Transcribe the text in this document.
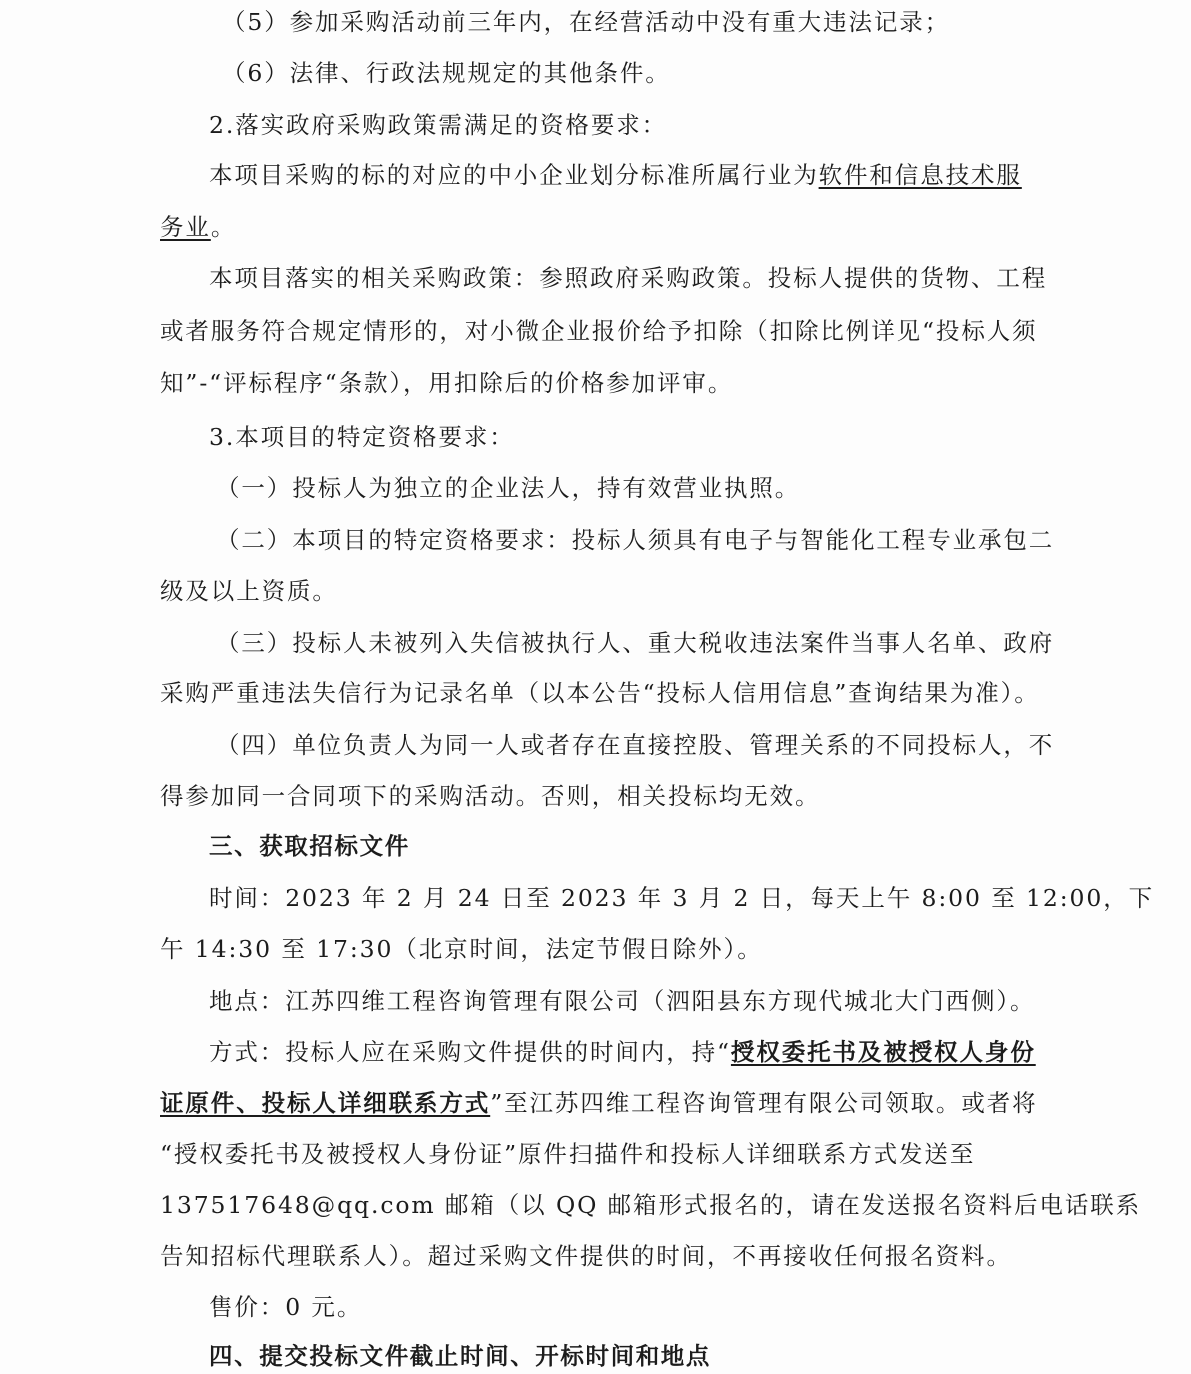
（5）参加采购活动前三年内，在经营活动中没有重大违法记录；

（6）法律、行政法规规定的其他条件。

2.落实政府采购政策需满足的资格要求：

本项目采购的标的对应的中小企业划分标准所属行业为软件和信息技术服

务业。

本项目落实的相关采购政策：参照政府采购政策。投标人提供的货物、工程

或者服务符合规定情形的，对小微企业报价给予扣除（扣除比例详见“投标人须

知”-“评标程序“条款），用扣除后的价格参加评审。

3.本项目的特定资格要求：

（一）投标人为独立的企业法人，持有效营业执照。

（二）本项目的特定资格要求：投标人须具有电子与智能化工程专业承包二

级及以上资质。

（三）投标人未被列入失信被执行人、重大税收违法案件当事人名单、政府

采购严重违法失信行为记录名单（以本公告“投标人信用信息”查询结果为准）。

（四）单位负责人为同一人或者存在直接控股、管理关系的不同投标人，不

得参加同一合同项下的采购活动。否则，相关投标均无效。

三、获取招标文件

时间：2023 年 2 月 24 日至 2023 年 3 月 2 日，每天上午 8:00 至 12:00，下

午 14:30 至 17:30（北京时间，法定节假日除外）。

地点：江苏四维工程咨询管理有限公司（泗阳县东方现代城北大门西侧）。

方式：投标人应在采购文件提供的时间内，持“授权委托书及被授权人身份

证原件、投标人详细联系方式”至江苏四维工程咨询管理有限公司领取。或者将

“授权委托书及被授权人身份证”原件扫描件和投标人详细联系方式发送至

137517648@qq.com 邮箱（以 QQ 邮箱形式报名的，请在发送报名资料后电话联系

告知招标代理联系人）。超过采购文件提供的时间，不再接收任何报名资料。

售价：0 元。

四、提交投标文件截止时间、开标时间和地点
